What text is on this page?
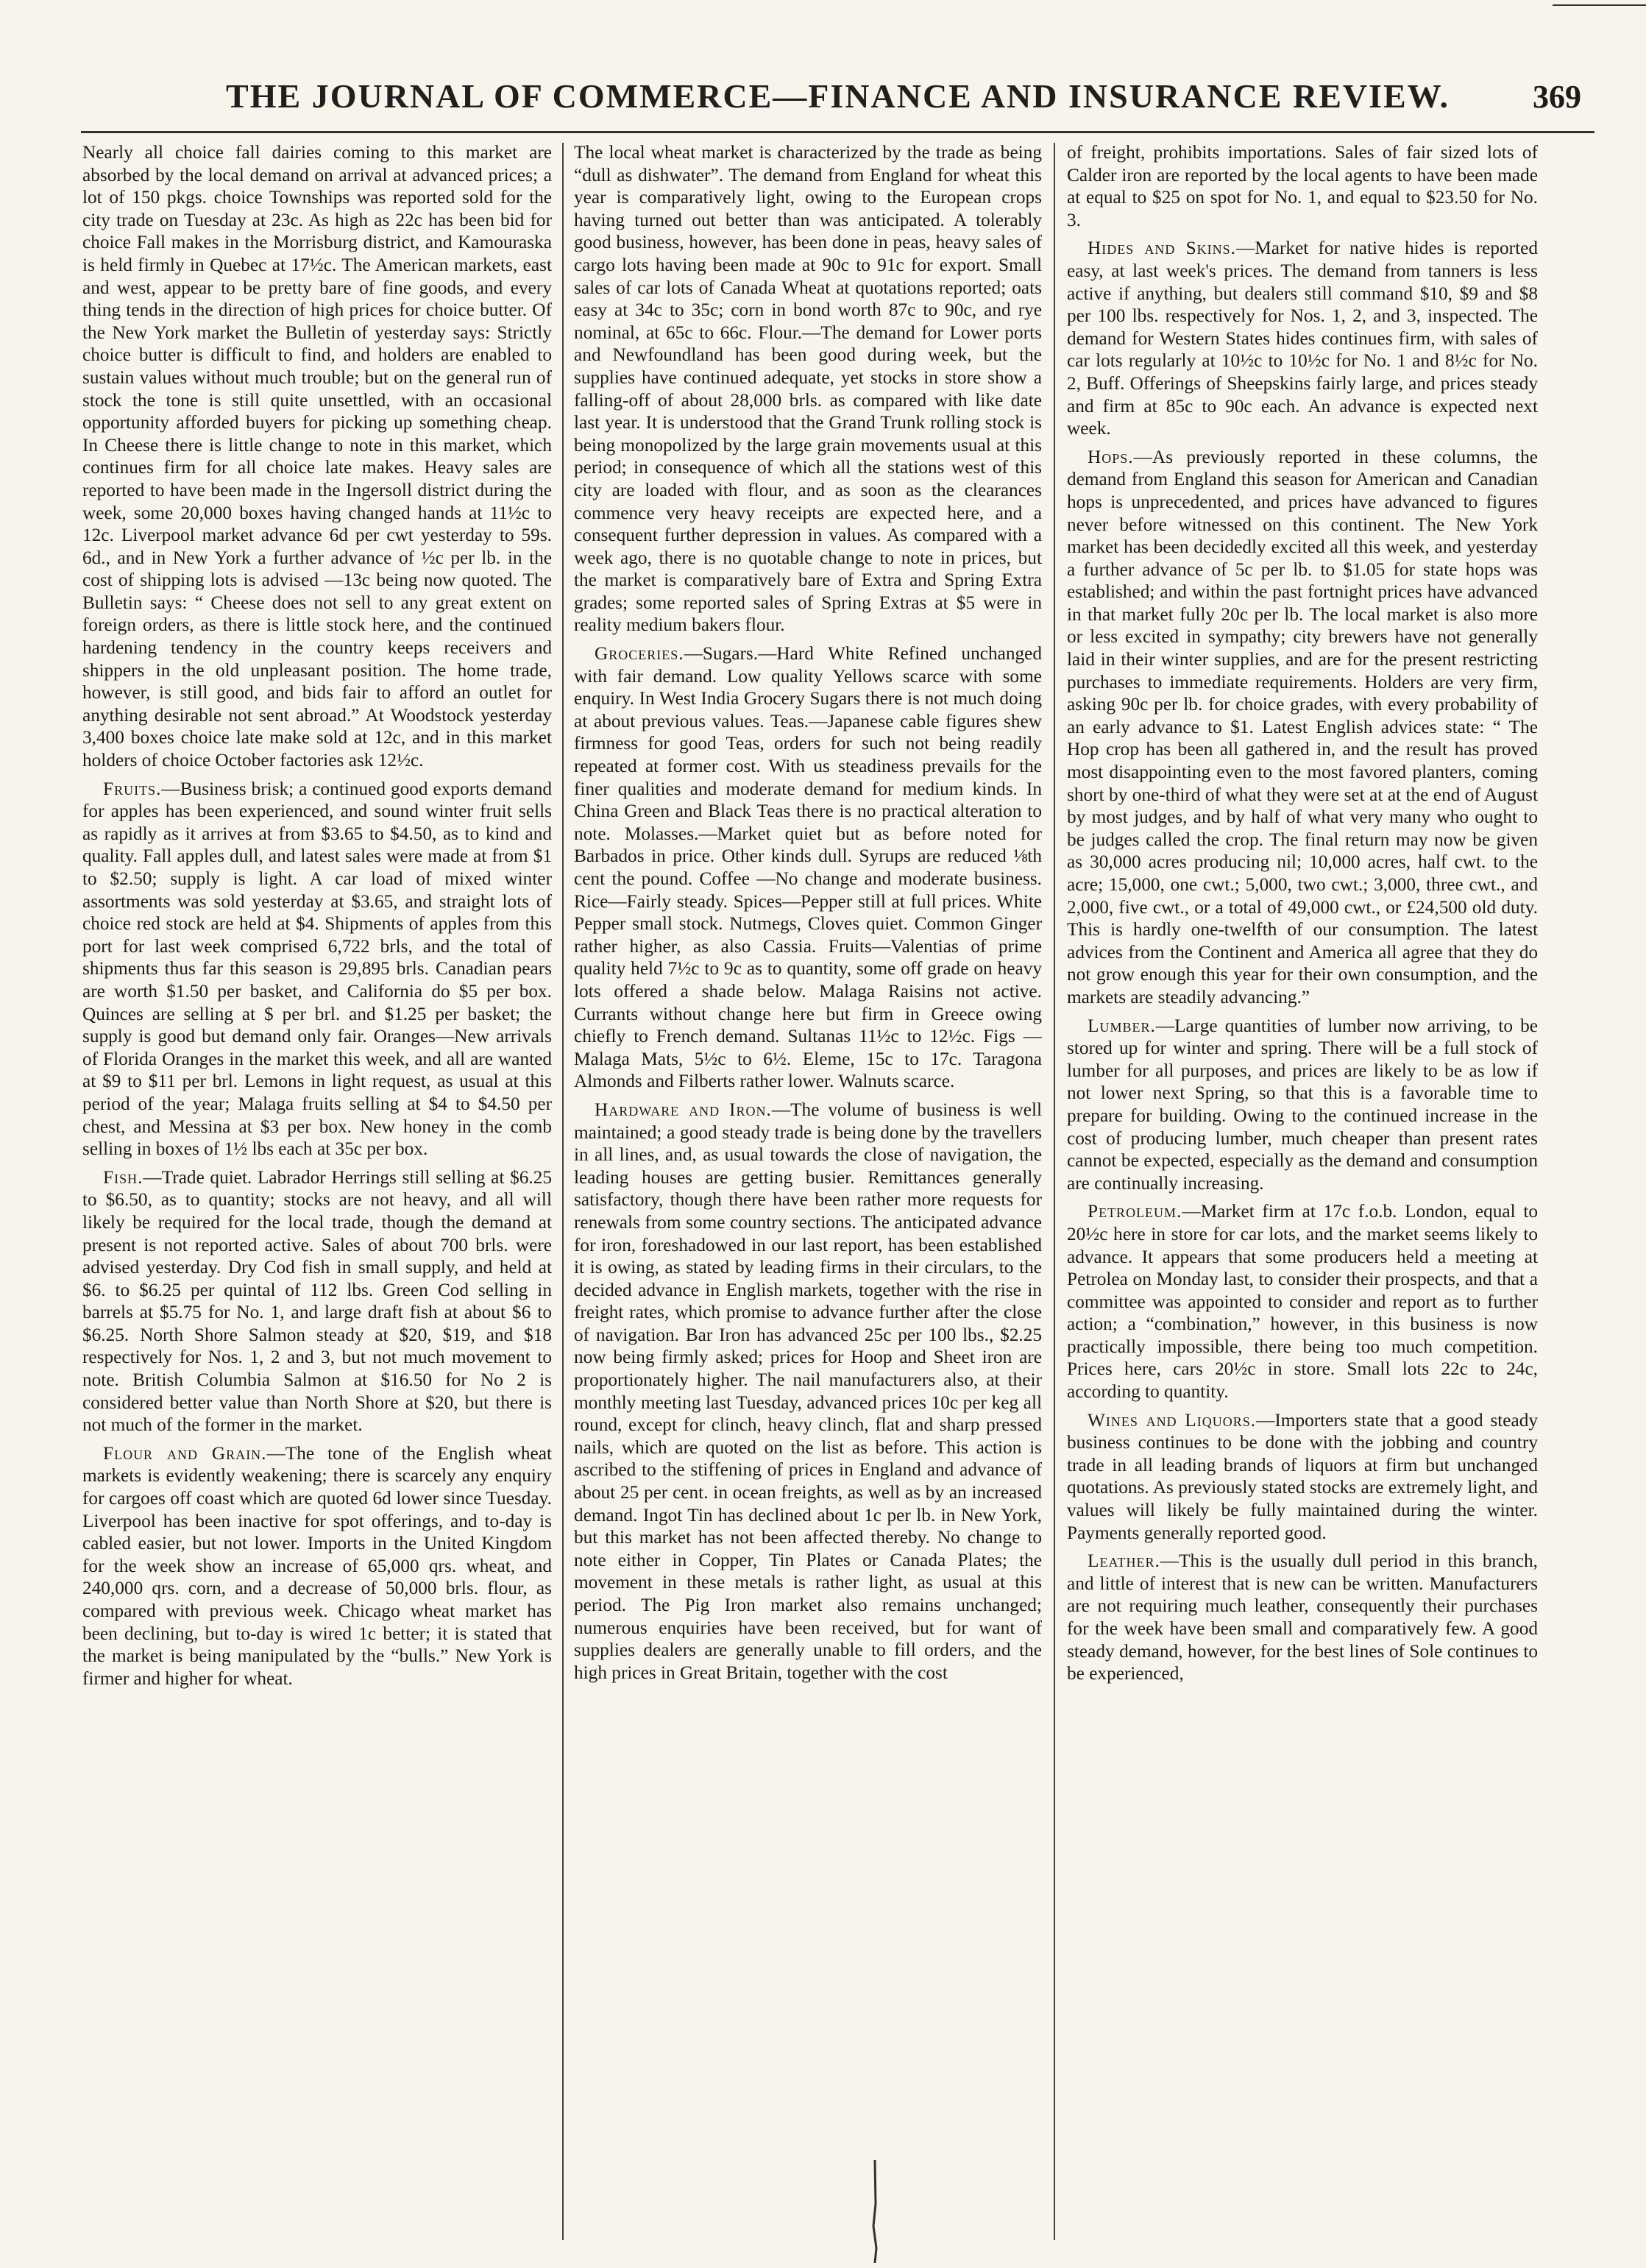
THE JOURNAL OF COMMERCE—FINANCE AND INSURANCE REVIEW.	369

Nearly all choice fall dairies coming to this market are absorbed by the local demand on arrival at advanced prices; a lot of 150 pkgs. choice Townships was reported sold for the city trade on Tuesday at 23c. As high as 22c has been bid for choice Fall makes in the Morrisburg district, and Kamouraska is held firmly in Quebec at 17½c. The American markets, east and west, appear to be pretty bare of fine goods, and every thing tends in the direction of high prices for choice butter. Of the New York market the Bulletin of yesterday says: Strictly choice butter is difficult to find, and holders are enabled to sustain values without much trouble; but on the general run of stock the tone is still quite unsettled, with an occasional opportunity afforded buyers for picking up something cheap. In Cheese there is little change to note in this market, which continues firm for all choice late makes. Heavy sales are reported to have been made in the Ingersoll district during the week, some 20,000 boxes having changed hands at 11½c to 12c. Liverpool market advance 6d per cwt yesterday to 59s. 6d., and in New York a further advance of ½c per lb. in the cost of shipping lots is advised —13c being now quoted. The Bulletin says: “ Cheese does not sell to any great extent on foreign orders, as there is little stock here, and the continued hardening tendency in the country keeps receivers and shippers in the old unpleasant position. The home trade, however, is still good, and bids fair to afford an outlet for anything desirable not sent abroad.” At Woodstock yesterday 3,400 boxes choice late make sold at 12c, and in this market holders of choice October factories ask 12½c.

Fruits.—Business brisk; a continued good exports demand for apples has been experienced, and sound winter fruit sells as rapidly as it arrives at from $3.65 to $4.50, as to kind and quality. Fall apples dull, and latest sales were made at from $1 to $2.50; supply is light. A car load of mixed winter assortments was sold yesterday at $3.65, and straight lots of choice red stock are held at $4. Shipments of apples from this port for last week comprised 6,722 brls, and the total of shipments thus far this season is 29,895 brls. Canadian pears are worth $1.50 per basket, and California do $5 per box. Quinces are selling at $ per brl. and $1.25 per basket; the supply is good but demand only fair. Oranges—New arrivals of Florida Oranges in the market this week, and all are wanted at $9 to $11 per brl. Lemons in light request, as usual at this period of the year; Malaga fruits selling at $4 to $4.50 per chest, and Messina at $3 per box. New honey in the comb selling in boxes of 1½ lbs each at 35c per box.

Fish.—Trade quiet. Labrador Herrings still selling at $6.25 to $6.50, as to quantity; stocks are not heavy, and all will likely be required for the local trade, though the demand at present is not reported active. Sales of about 700 brls. were advised yesterday. Dry Cod fish in small supply, and held at $6. to $6.25 per quintal of 112 lbs. Green Cod selling in barrels at $5.75 for No. 1, and large draft fish at about $6 to $6.25. North Shore Salmon steady at $20, $19, and $18 respectively for Nos. 1, 2 and 3, but not much movement to note. British Columbia Salmon at $16.50 for No 2 is considered better value than North Shore at $20, but there is not much of the former in the market.

Flour and Grain.—The tone of the English wheat markets is evidently weakening; there is scarcely any enquiry for cargoes off coast which are quoted 6d lower since Tuesday. Liverpool has been inactive for spot offerings, and to-day is cabled easier, but not lower. Imports in the United Kingdom for the week show an increase of 65,000 qrs. wheat, and 240,000 qrs. corn, and a decrease of 50,000 brls. flour, as compared with previous week. Chicago wheat market has been declining, but to-day is wired 1c better; it is stated that the market is being manipulated by the “bulls.” New York is firmer and higher for wheat.

The local wheat market is characterized by the trade as being “dull as dishwater”. The demand from England for wheat this year is comparatively light, owing to the European crops having turned out better than was anticipated. A tolerably good business, however, has been done in peas, heavy sales of cargo lots having been made at 90c to 91c for export. Small sales of car lots of Canada Wheat at quotations reported; oats easy at 34c to 35c; corn in bond worth 87c to 90c, and rye nominal, at 65c to 66c. Flour.—The demand for Lower ports and Newfoundland has been good during week, but the supplies have continued adequate, yet stocks in store show a falling-off of about 28,000 brls. as compared with like date last year. It is understood that the Grand Trunk rolling stock is being monopolized by the large grain movements usual at this period; in consequence of which all the stations west of this city are loaded with flour, and as soon as the clearances commence very heavy receipts are expected here, and a consequent further depression in values. As compared with a week ago, there is no quotable change to note in prices, but the market is comparatively bare of Extra and Spring Extra grades; some reported sales of Spring Extras at $5 were in reality medium bakers flour.

Groceries.—Sugars.—Hard White Refined unchanged with fair demand. Low quality Yellows scarce with some enquiry. In West India Grocery Sugars there is not much doing at about previous values. Teas.—Japanese cable figures shew firmness for good Teas, orders for such not being readily repeated at former cost. With us steadiness prevails for the finer qualities and moderate demand for medium kinds. In China Green and Black Teas there is no practical alteration to note. Molasses.—Market quiet but as before noted for Barbados in price. Other kinds dull. Syrups are reduced ⅛th cent the pound. Coffee —No change and moderate business. Rice—Fairly steady. Spices—Pepper still at full prices. White Pepper small stock. Nutmegs, Cloves quiet. Common Ginger rather higher, as also Cassia. Fruits—Valentias of prime quality held 7½c to 9c as to quantity, some off grade on heavy lots offered a shade below. Malaga Raisins not active. Currants without change here but firm in Greece owing chiefly to French demand. Sultanas 11½c to 12½c. Figs —Malaga Mats, 5½c to 6½. Eleme, 15c to 17c. Taragona Almonds and Filberts rather lower. Walnuts scarce.

Hardware and Iron.—The volume of business is well maintained; a good steady trade is being done by the travellers in all lines, and, as usual towards the close of navigation, the leading houses are getting busier. Remittances generally satisfactory, though there have been rather more requests for renewals from some country sections. The anticipated advance for iron, foreshadowed in our last report, has been established it is owing, as stated by leading firms in their circulars, to the decided advance in English markets, together with the rise in freight rates, which promise to advance further after the close of navigation. Bar Iron has advanced 25c per 100 lbs., $2.25 now being firmly asked; prices for Hoop and Sheet iron are proportionately higher. The nail manufacturers also, at their monthly meeting last Tuesday, advanced prices 10c per keg all round, except for clinch, heavy clinch, flat and sharp pressed nails, which are quoted on the list as before. This action is ascribed to the stiffening of prices in England and advance of about 25 per cent. in ocean freights, as well as by an increased demand. Ingot Tin has declined about 1c per lb. in New York, but this market has not been affected thereby. No change to note either in Copper, Tin Plates or Canada Plates; the movement in these metals is rather light, as usual at this period. The Pig Iron market also remains unchanged; numerous enquiries have been received, but for want of supplies dealers are generally unable to fill orders, and the high prices in Great Britain, together with the cost

of freight, prohibits importations. Sales of fair sized lots of Calder iron are reported by the local agents to have been made at equal to $25 on spot for No. 1, and equal to $23.50 for No. 3.

Hides and Skins.—Market for native hides is reported easy, at last week's prices. The demand from tanners is less active if anything, but dealers still command $10, $9 and $8 per 100 lbs. respectively for Nos. 1, 2, and 3, inspected. The demand for Western States hides continues firm, with sales of car lots regularly at 10½c to 10½c for No. 1 and 8½c for No. 2, Buff. Offerings of Sheepskins fairly large, and prices steady and firm at 85c to 90c each. An advance is expected next week.

Hops.—As previously reported in these columns, the demand from England this season for American and Canadian hops is unprecedented, and prices have advanced to figures never before witnessed on this continent. The New York market has been decidedly excited all this week, and yesterday a further advance of 5c per lb. to $1.05 for state hops was established; and within the past fortnight prices have advanced in that market fully 20c per lb. The local market is also more or less excited in sympathy; city brewers have not generally laid in their winter supplies, and are for the present restricting purchases to immediate requirements. Holders are very firm, asking 90c per lb. for choice grades, with every probability of an early advance to $1. Latest English advices state: “ The Hop crop has been all gathered in, and the result has proved most disappointing even to the most favored planters, coming short by one-third of what they were set at at the end of August by most judges, and by half of what very many who ought to be judges called the crop. The final return may now be given as 30,000 acres producing nil; 10,000 acres, half cwt. to the acre; 15,000, one cwt.; 5,000, two cwt.; 3,000, three cwt., and 2,000, five cwt., or a total of 49,000 cwt., or £24,500 old duty. This is hardly one-twelfth of our consumption. The latest advices from the Continent and America all agree that they do not grow enough this year for their own consumption, and the markets are steadily advancing.”

Lumber.—Large quantities of lumber now arriving, to be stored up for winter and spring. There will be a full stock of lumber for all purposes, and prices are likely to be as low if not lower next Spring, so that this is a favorable time to prepare for building. Owing to the continued increase in the cost of producing lumber, much cheaper than present rates cannot be expected, especially as the demand and consumption are continually increasing.

Petroleum.—Market firm at 17c f.o.b. London, equal to 20½c here in store for car lots, and the market seems likely to advance. It appears that some producers held a meeting at Petrolea on Monday last, to consider their prospects, and that a committee was appointed to consider and report as to further action; a “combination,” however, in this business is now practically impossible, there being too much competition. Prices here, cars 20½c in store. Small lots 22c to 24c, according to quantity.

Wines and Liquors.—Importers state that a good steady business continues to be done with the jobbing and country trade in all leading brands of liquors at firm but unchanged quotations. As previously stated stocks are extremely light, and values will likely be fully maintained during the winter. Payments generally reported good.

Leather.—This is the usually dull period in this branch, and little of interest that is new can be written. Manufacturers are not requiring much leather, consequently their purchases for the week have been small and comparatively few. A good steady demand, however, for the best lines of Sole continues to be experienced,
